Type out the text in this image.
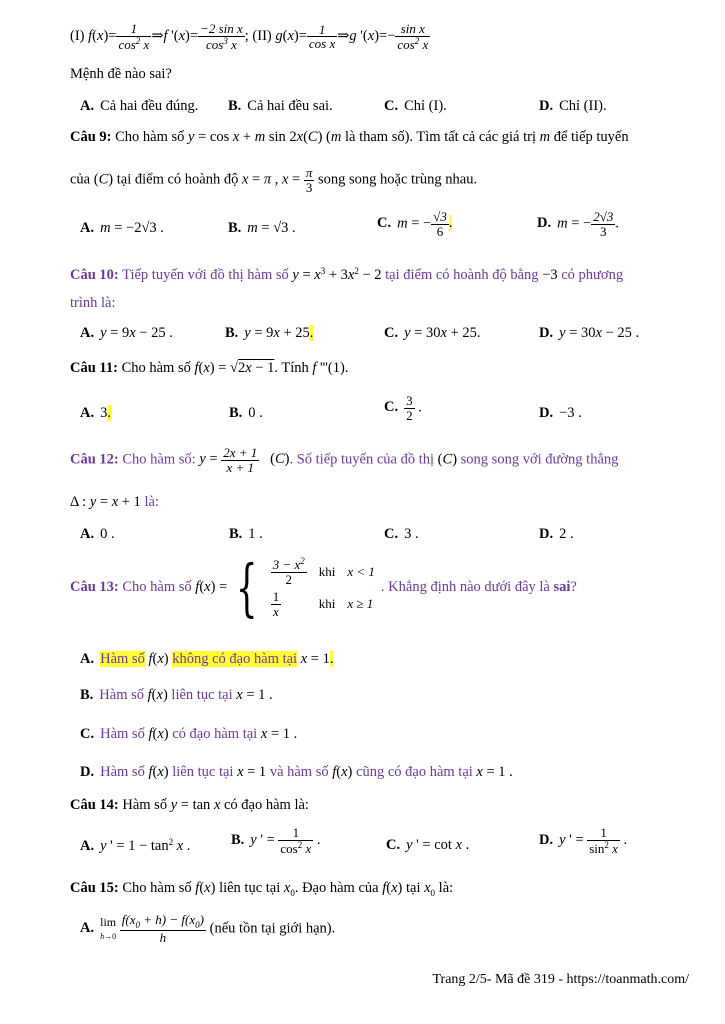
(I) $f(x)= \frac{1}{\cos^2 x}$ ⇒f '$(x)= \frac{\text{−2 sin x}}{\cos^3 x}$ ; (II) $g(x)= \frac{1}{\text{cos x}}$ ⇒g '$(x)=- \frac{\text{sin x}}{\cos^2 x}$
Mệnh đề nào sai?
A. Cả hai đều đúng. B. Cả hai đều sai.	C. Chỉ (I).	D. Chỉ (II).
Câu 9: Cho hàm số y = cos x + m sin 2x(C) (m là tham số). Tìm tất cả các giá trị m để tiếp tuyến
của (C) tại điểm có hoành độ x = π , $x = \frac{\pi}{3}$ song song hoặc trùng nhau.
A. m = −2√3 .	B. m = √3 .	C. m = − $\frac{√3}{6}$ .	D. m = − $\frac{2√3}{3}$ .
Câu 10: Tiếp tuyến với đồ thị hàm số $y = x^3 + 3x^2 - 2$ tại điểm có hoành độ bằng −3 có phương
trình là:
A. y = 9x − 25 .	B. y = 9x + 25.	C. y = 30x + 25.	D. y = 30x − 25 .
Câu 11: Cho hàm số f(x) = √2x − 1. Tính f '''(1).
A. 3.	B. 0 .	C. $\frac{3}{2}$ .	D. −3 .
Câu 12: Cho hàm số: $y = \frac{2x + 1}{x + 1} (C)$. Số tiếp tuyến của đồ thị (C) song song với đường thẳng
Δ : y = x + 1 là:
A. 0 .	B. 1 .	C. 3 .	D. 2 .
Câu 13: Cho hàm số f(x) = { $\frac{3 - x^2}{2}$	khi	x < 1

$\frac{1}{x}$	khi	x ≥ 1. Khẳng định nào dưới đây là sai?
A. Hàm số f(x) không có đạo hàm tại x = 1.
B. Hàm số f(x) liên tục tại x = 1 .
C. Hàm số f(x) có đạo hàm tại x = 1 .
D. Hàm số f(x) liên tục tại x = 1 và hàm số f(x) cũng có đạo hàm tại x = 1 .
Câu 14: Hàm số y = tan x có đạo hàm là:
A. y ' = $1 - \tan^2 x$ .	B. y ' = $\frac{1}{\cos^2 x}$ .	C. y ' = cot x .	D. y ' = $\frac{1}{\sin^2 x}$ .
Câu 15: Cho hàm số f(x) liên tục tại $x_0$. Đạo hàm của f(x) tại $x_0$ là:
A. lim
$h\to 0 \frac{f(x_0 + h) - f(x_0)}{h}$ (nếu tồn tại giới hạn).
Trang 2/5- Mã đề 319 - https://toanmath.com/
